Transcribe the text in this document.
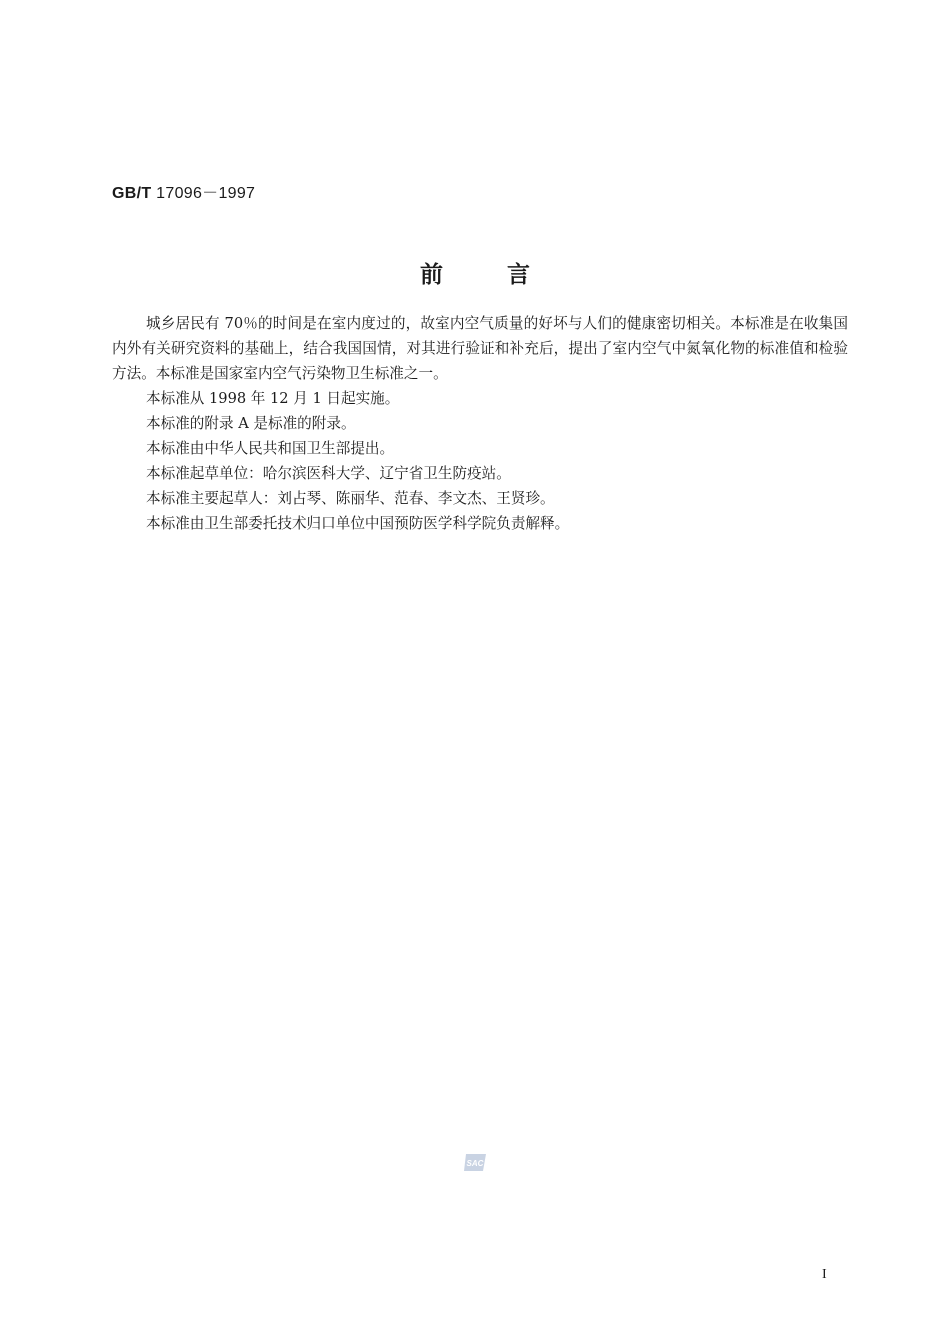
GB/T 17096－1997
前言

城乡居民有 70％的时间是在室内度过的，故室内空气质量的好坏与人们的健康密切相关。本标准是在收集国内外有关研究资料的基础上，结合我国国情，对其进行验证和补充后，提出了室内空气中氮氧化物的标准值和检验方法。本标准是国家室内空气污染物卫生标准之一。

本标准从 1998 年 12 月 1 日起实施。

本标准的附录 A 是标准的附录。

本标准由中华人民共和国卫生部提出。

本标准起草单位：哈尔滨医科大学、辽宁省卫生防疫站。

本标准主要起草人：刘占琴、陈丽华、范春、李文杰、王贤珍。

本标准由卫生部委托技术归口单位中国预防医学科学院负责解释。

SAC
I
